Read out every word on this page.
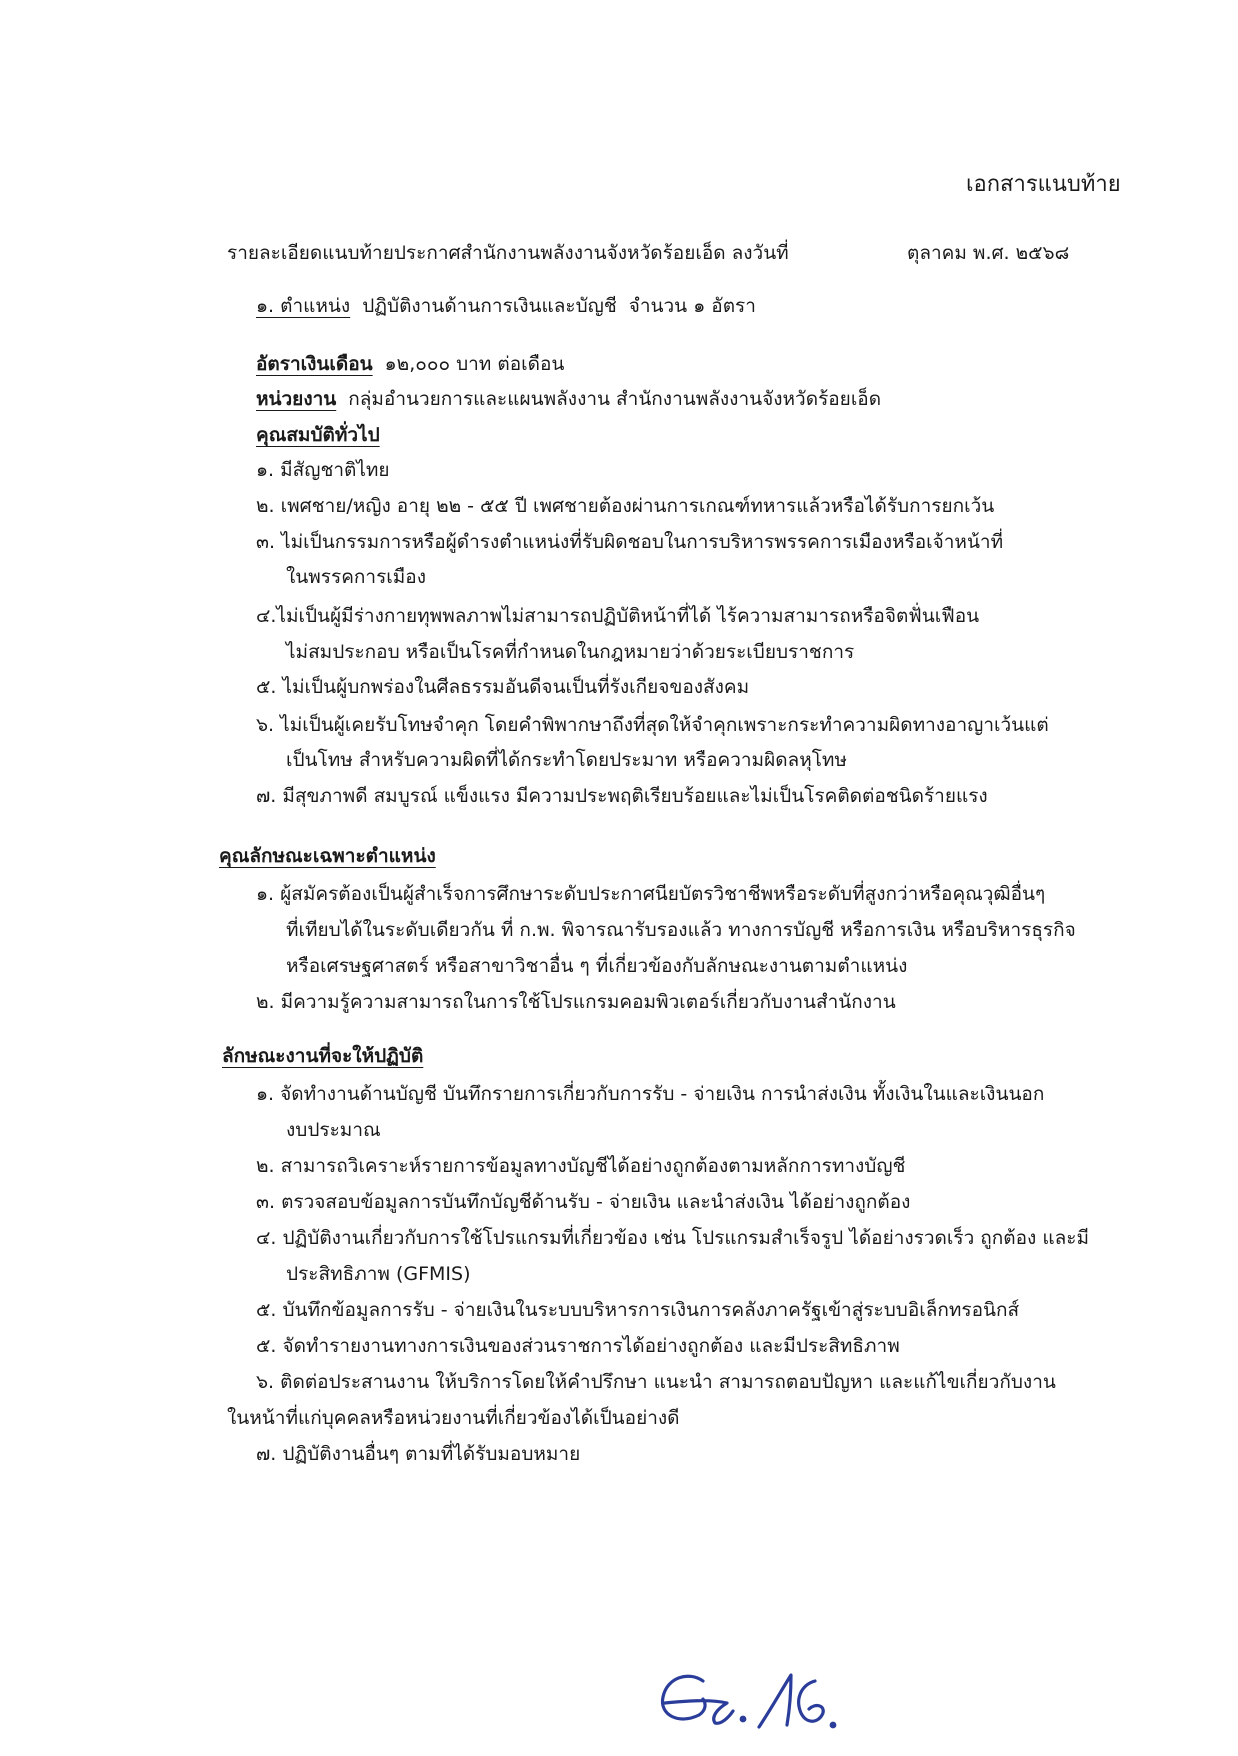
เอกสารแนบท้าย
รายละเอียดแนบท้ายประกาศสำนักงานพลังงานจังหวัดร้อยเอ็ด ลงวันที่	ตุลาคม พ.ศ. ๒๕๖๘
๑. ตำแหน่ง ปฏิบัติงานด้านการเงินและบัญชี จำนวน ๑ อัตรา
อัตราเงินเดือน ๑๒,๐๐๐ บาท ต่อเดือน
หน่วยงาน กลุ่มอำนวยการและแผนพลังงาน สำนักงานพลังงานจังหวัดร้อยเอ็ด
คุณสมบัติทั่วไป
๑. มีสัญชาติไทย
๒. เพศชาย/หญิง อายุ ๒๒ - ๕๕ ปี เพศชายต้องผ่านการเกณฑ์ทหารแล้วหรือได้รับการยกเว้น
๓. ไม่เป็นกรรมการหรือผู้ดำรงตำแหน่งที่รับผิดชอบในการบริหารพรรคการเมืองหรือเจ้าหน้าที่
ในพรรคการเมือง
๔.ไม่เป็นผู้มีร่างกายทุพพลภาพไม่สามารถปฏิบัติหน้าที่ได้ ไร้ความสามารถหรือจิตฟั่นเฟือน
ไม่สมประกอบ หรือเป็นโรคที่กำหนดในกฎหมายว่าด้วยระเบียบราชการ
๕. ไม่เป็นผู้บกพร่องในศีลธรรมอันดีจนเป็นที่รังเกียจของสังคม
๖. ไม่เป็นผู้เคยรับโทษจำคุก โดยคำพิพากษาถึงที่สุดให้จำคุกเพราะกระทำความผิดทางอาญาเว้นแต่
เป็นโทษ สำหรับความผิดที่ได้กระทำโดยประมาท หรือความผิดลหุโทษ
๗. มีสุขภาพดี สมบูรณ์ แข็งแรง มีความประพฤติเรียบร้อยและไม่เป็นโรคติดต่อชนิดร้ายแรง
คุณลักษณะเฉพาะตำแหน่ง
๑. ผู้สมัครต้องเป็นผู้สำเร็จการศึกษาระดับประกาศนียบัตรวิชาชีพหรือระดับที่สูงกว่าหรือคุณวุฒิอื่นๆ
ที่เทียบได้ในระดับเดียวกัน ที่ ก.พ. พิจารณารับรองแล้ว ทางการบัญชี หรือการเงิน หรือบริหารธุรกิจ
หรือเศรษฐศาสตร์ หรือสาขาวิชาอื่น ๆ ที่เกี่ยวข้องกับลักษณะงานตามตำแหน่ง
๒. มีความรู้ความสามารถในการใช้โปรแกรมคอมพิวเตอร์เกี่ยวกับงานสำนักงาน
ลักษณะงานที่จะให้ปฏิบัติ
๑. จัดทำงานด้านบัญชี บันทึกรายการเกี่ยวกับการรับ - จ่ายเงิน การนำส่งเงิน ทั้งเงินในและเงินนอก
งบประมาณ
๒. สามารถวิเคราะห์รายการข้อมูลทางบัญชีได้อย่างถูกต้องตามหลักการทางบัญชี
๓. ตรวจสอบข้อมูลการบันทึกบัญชีด้านรับ - จ่ายเงิน และนำส่งเงิน ได้อย่างถูกต้อง
๔. ปฏิบัติงานเกี่ยวกับการใช้โปรแกรมที่เกี่ยวข้อง เช่น โปรแกรมสำเร็จรูป ได้อย่างรวดเร็ว ถูกต้อง และมี
ประสิทธิภาพ (GFMIS)
๕. บันทึกข้อมูลการรับ - จ่ายเงินในระบบบริหารการเงินการคลังภาครัฐเข้าสู่ระบบอิเล็กทรอนิกส์
๕. จัดทำรายงานทางการเงินของส่วนราชการได้อย่างถูกต้อง และมีประสิทธิภาพ
๖. ติดต่อประสานงาน ให้บริการโดยให้คำปรึกษา แนะนำ สามารถตอบปัญหา และแก้ไขเกี่ยวกับงาน
ในหน้าที่แก่บุคคลหรือหน่วยงานที่เกี่ยวข้องได้เป็นอย่างดี
๗. ปฏิบัติงานอื่นๆ ตามที่ได้รับมอบหมาย
